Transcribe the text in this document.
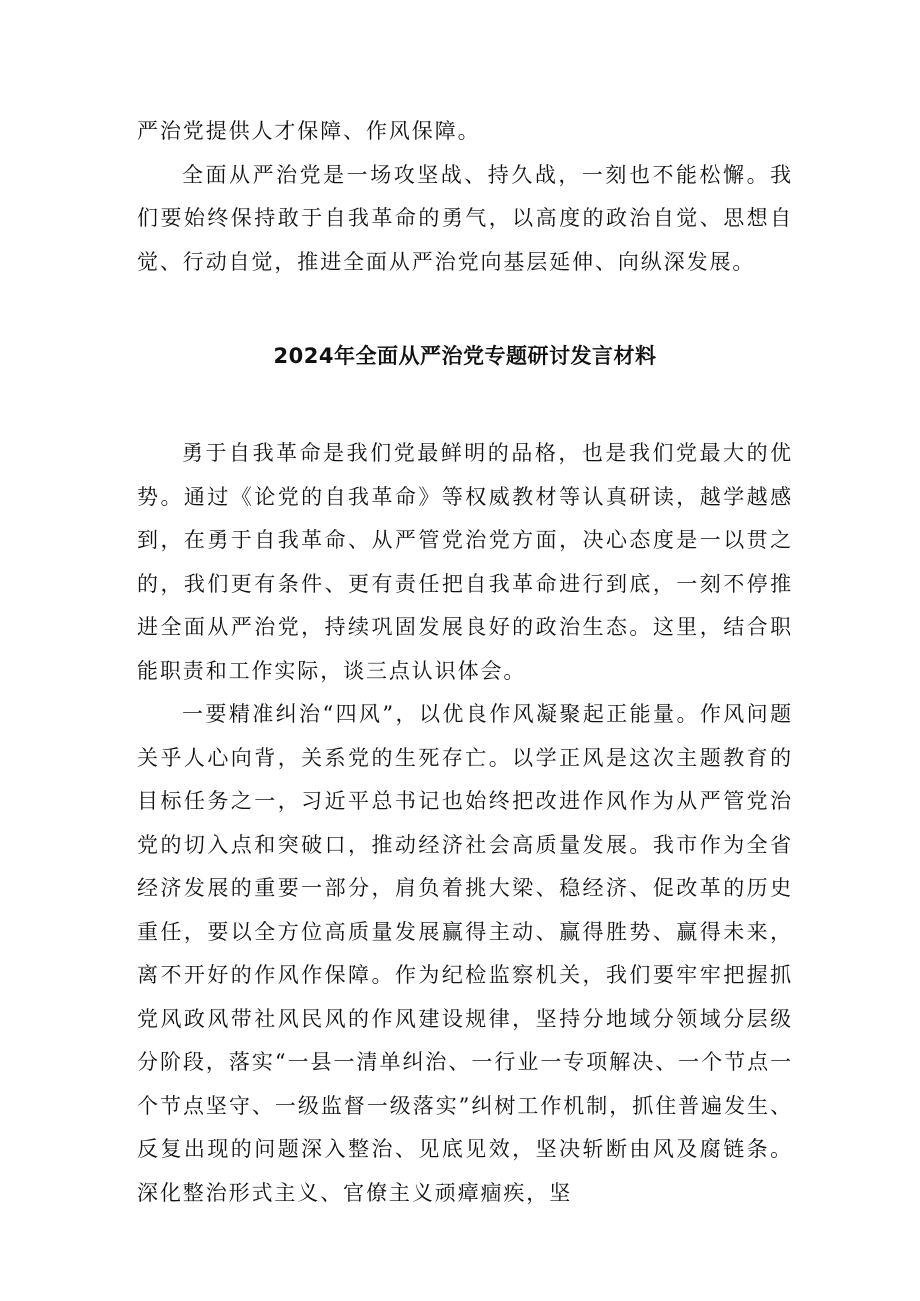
严治党提供人才保障、作风保障。

全面从严治党是一场攻坚战、持久战，一刻也不能松懈。我们要始终保持敢于自我革命的勇气，以高度的政治自觉、思想自觉、行动自觉，推进全面从严治党向基层延伸、向纵深发展。

2024年全面从严治党专题研讨发言材料

勇于自我革命是我们党最鲜明的品格，也是我们党最大的优势。通过《论党的自我革命》等权威教材等认真研读，越学越感到，在勇于自我革命、从严管党治党方面，决心态度是一以贯之的，我们更有条件、更有责任把自我革命进行到底，一刻不停推进全面从严治党，持续巩固发展良好的政治生态。这里，结合职能职责和工作实际，谈三点认识体会。

一要精准纠治“四风”，以优良作风凝聚起正能量。作风问题关乎人心向背，关系党的生死存亡。以学正风是这次主题教育的目标任务之一，习近平总书记也始终把改进作风作为从严管党治党的切入点和突破口，推动经济社会高质量发展。我市作为全省经济发展的重要一部分，肩负着挑大梁、稳经济、促改革的历史重任，要以全方位高质量发展赢得主动、赢得胜势、赢得未来，离不开好的作风作保障。作为纪检监察机关，我们要牢牢把握抓党风政风带社风民风的作风建设规律，坚持分地域分领域分层级分阶段，落实“一县一清单纠治、一行业一专项解决、一个节点一个节点坚守、一级监督一级落实”纠树工作机制，抓住普遍发生、反复出现的问题深入整治、见底见效，坚决斩断由风及腐链条。深化整治形式主义、官僚主义顽瘴痼疾，坚
